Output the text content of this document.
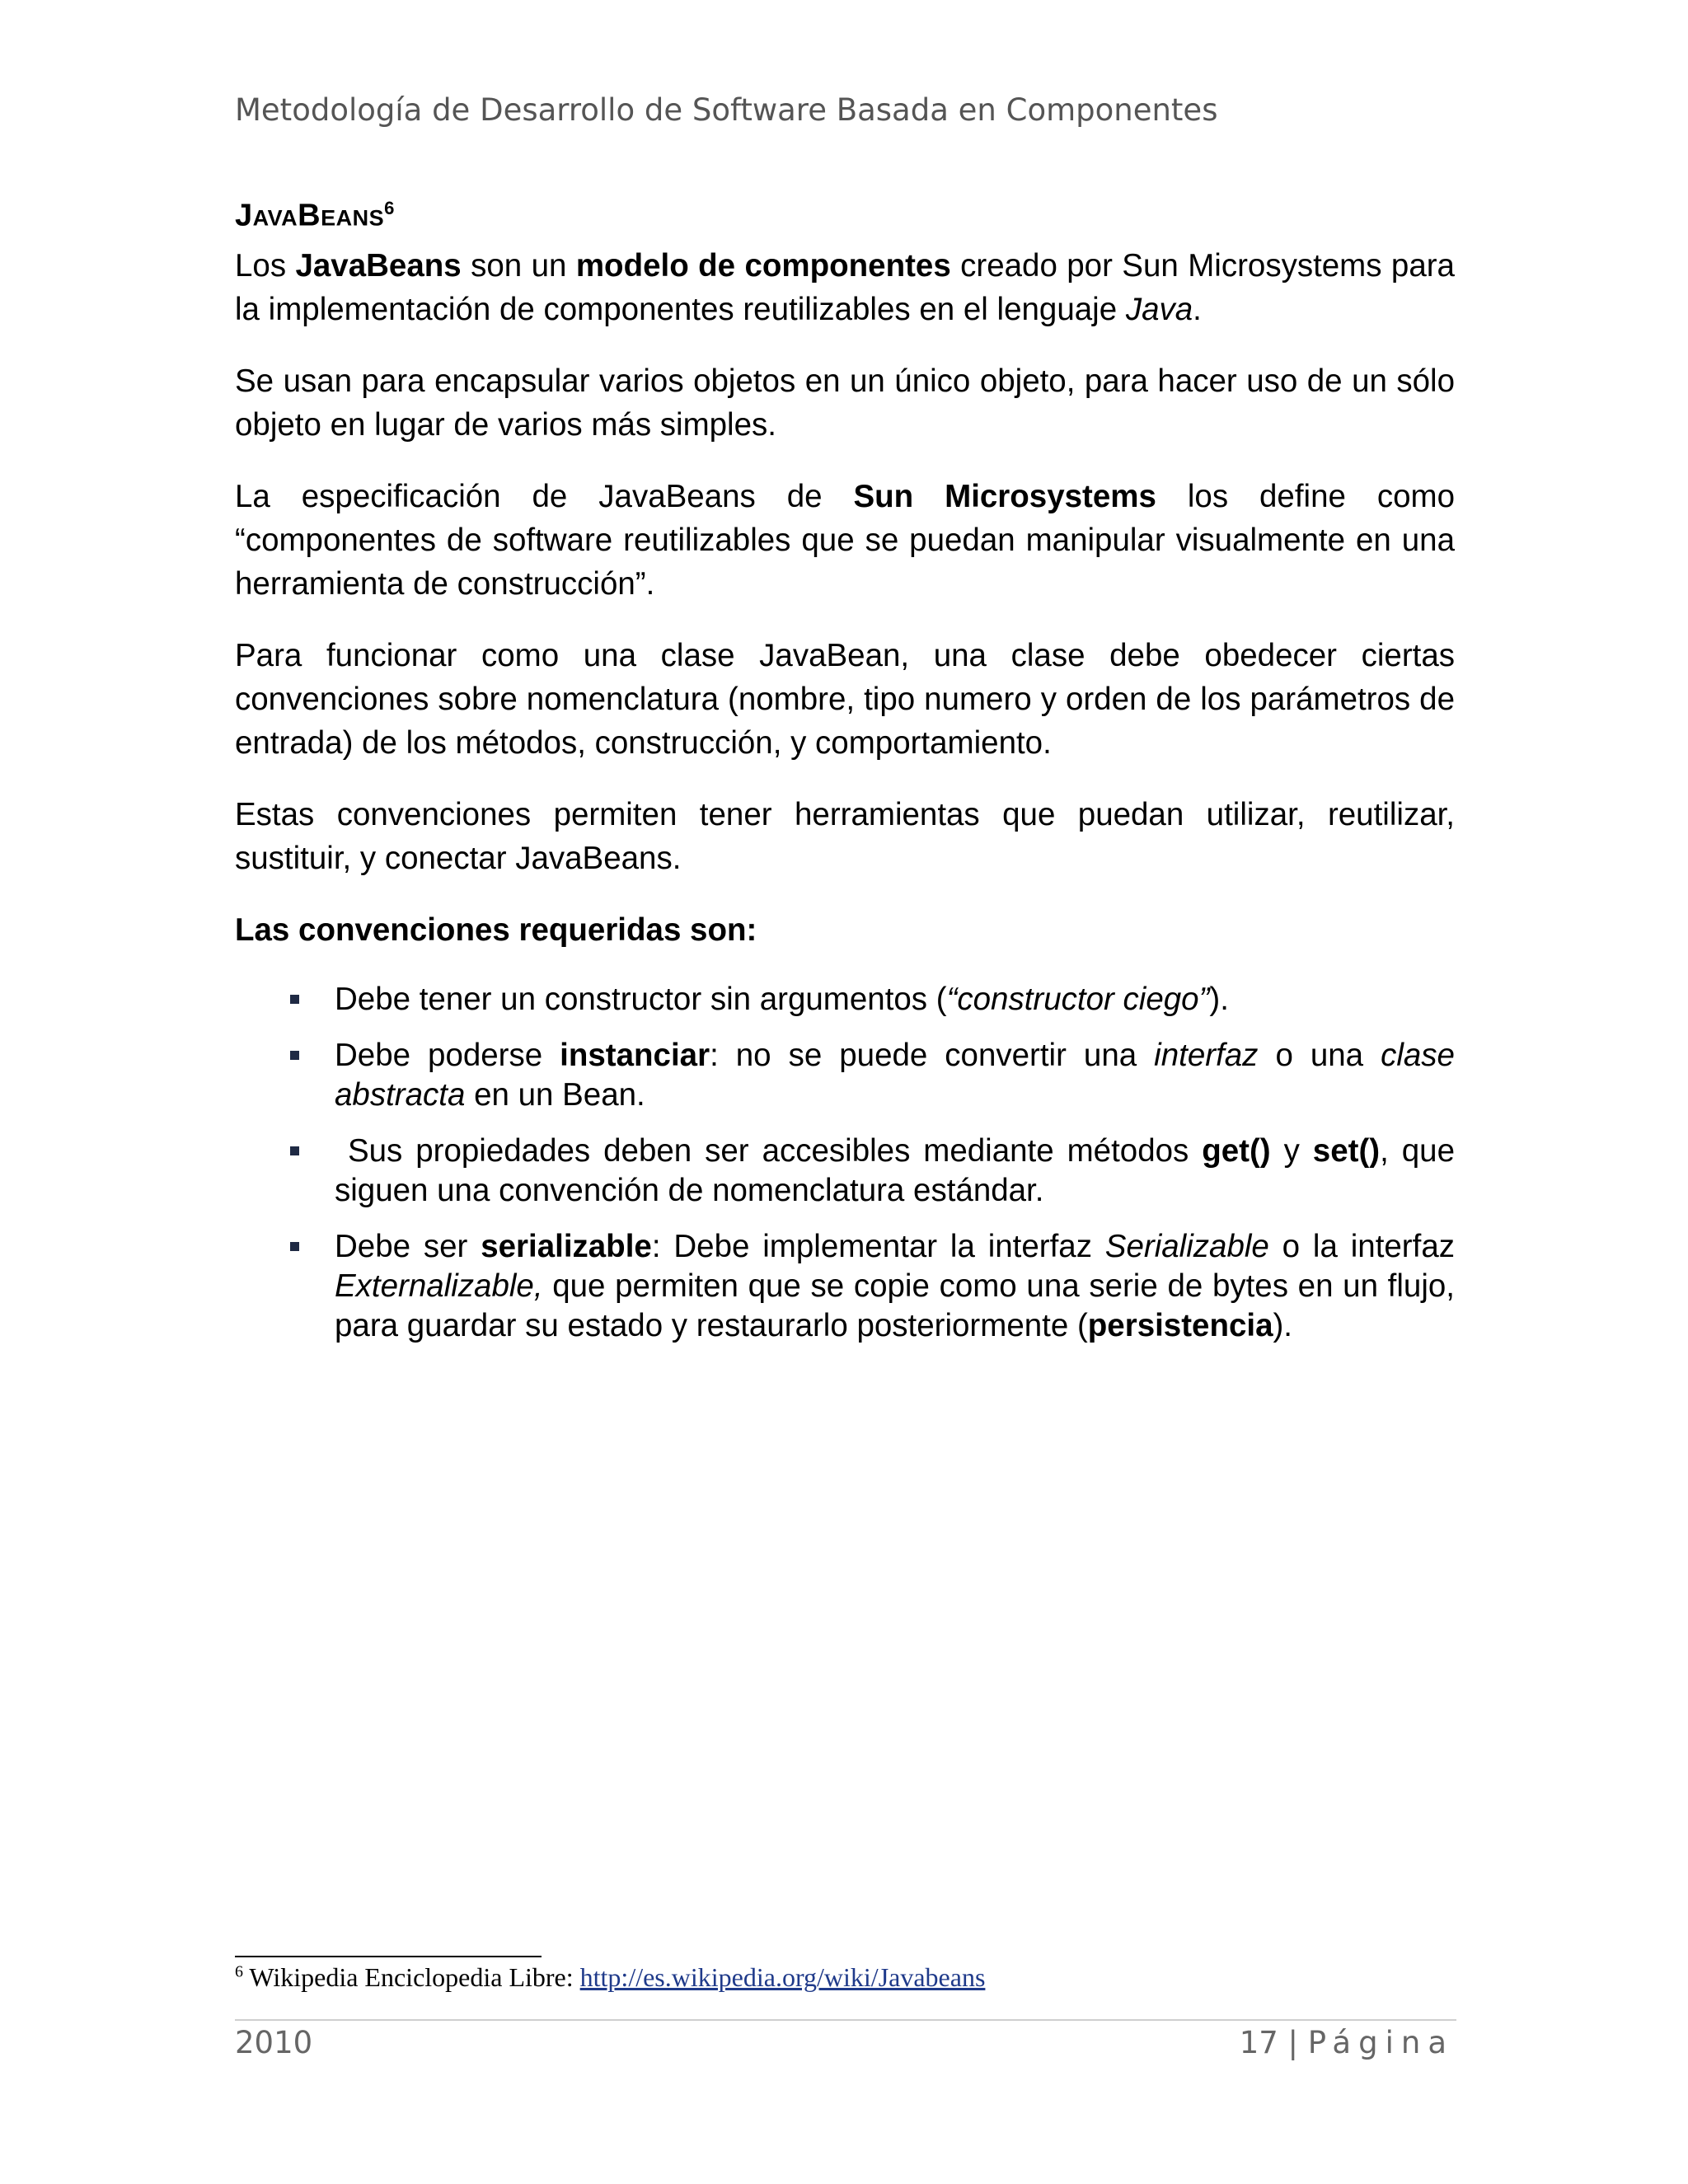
Metodología de Desarrollo de Software Basada en Componentes
JavaBeans$^6$

Los JavaBeans son un modelo de componentes creado por Sun Microsystems para la implementación de componentes reutilizables en el lenguaje Java.

Se usan para encapsular varios objetos en un único objeto, para hacer uso de un sólo objeto en lugar de varios más simples.

La especificación de JavaBeans de Sun Microsystems los define como “componentes de software reutilizables que se puedan manipular visualmente en una herramienta de construcción”.

Para funcionar como una clase JavaBean, una clase debe obedecer ciertas convenciones sobre nomenclatura (nombre, tipo numero y orden de los parámetros de entrada) de los métodos, construcción, y comportamiento.

Estas convenciones permiten tener herramientas que puedan utilizar, reutilizar, sustituir, y conectar JavaBeans.

Las convenciones requeridas son:

Debe tener un constructor sin argumentos (“constructor ciego”).
Debe poderse instanciar: no se puede convertir una interfaz o una clase abstracta en un Bean.
Sus propiedades deben ser accesibles mediante métodos get() y set(), que siguen una convención de nomenclatura estándar.
Debe ser serializable: Debe implementar la interfaz Serializable o la interfaz Externalizable, que permiten que se copie como una serie de bytes en un flujo, para guardar su estado y restaurarlo posteriormente (persistencia).
$^6$ Wikipedia Enciclopedia Libre: http://es.wikipedia.org/wiki/Javabeans
2010	17 | Página
